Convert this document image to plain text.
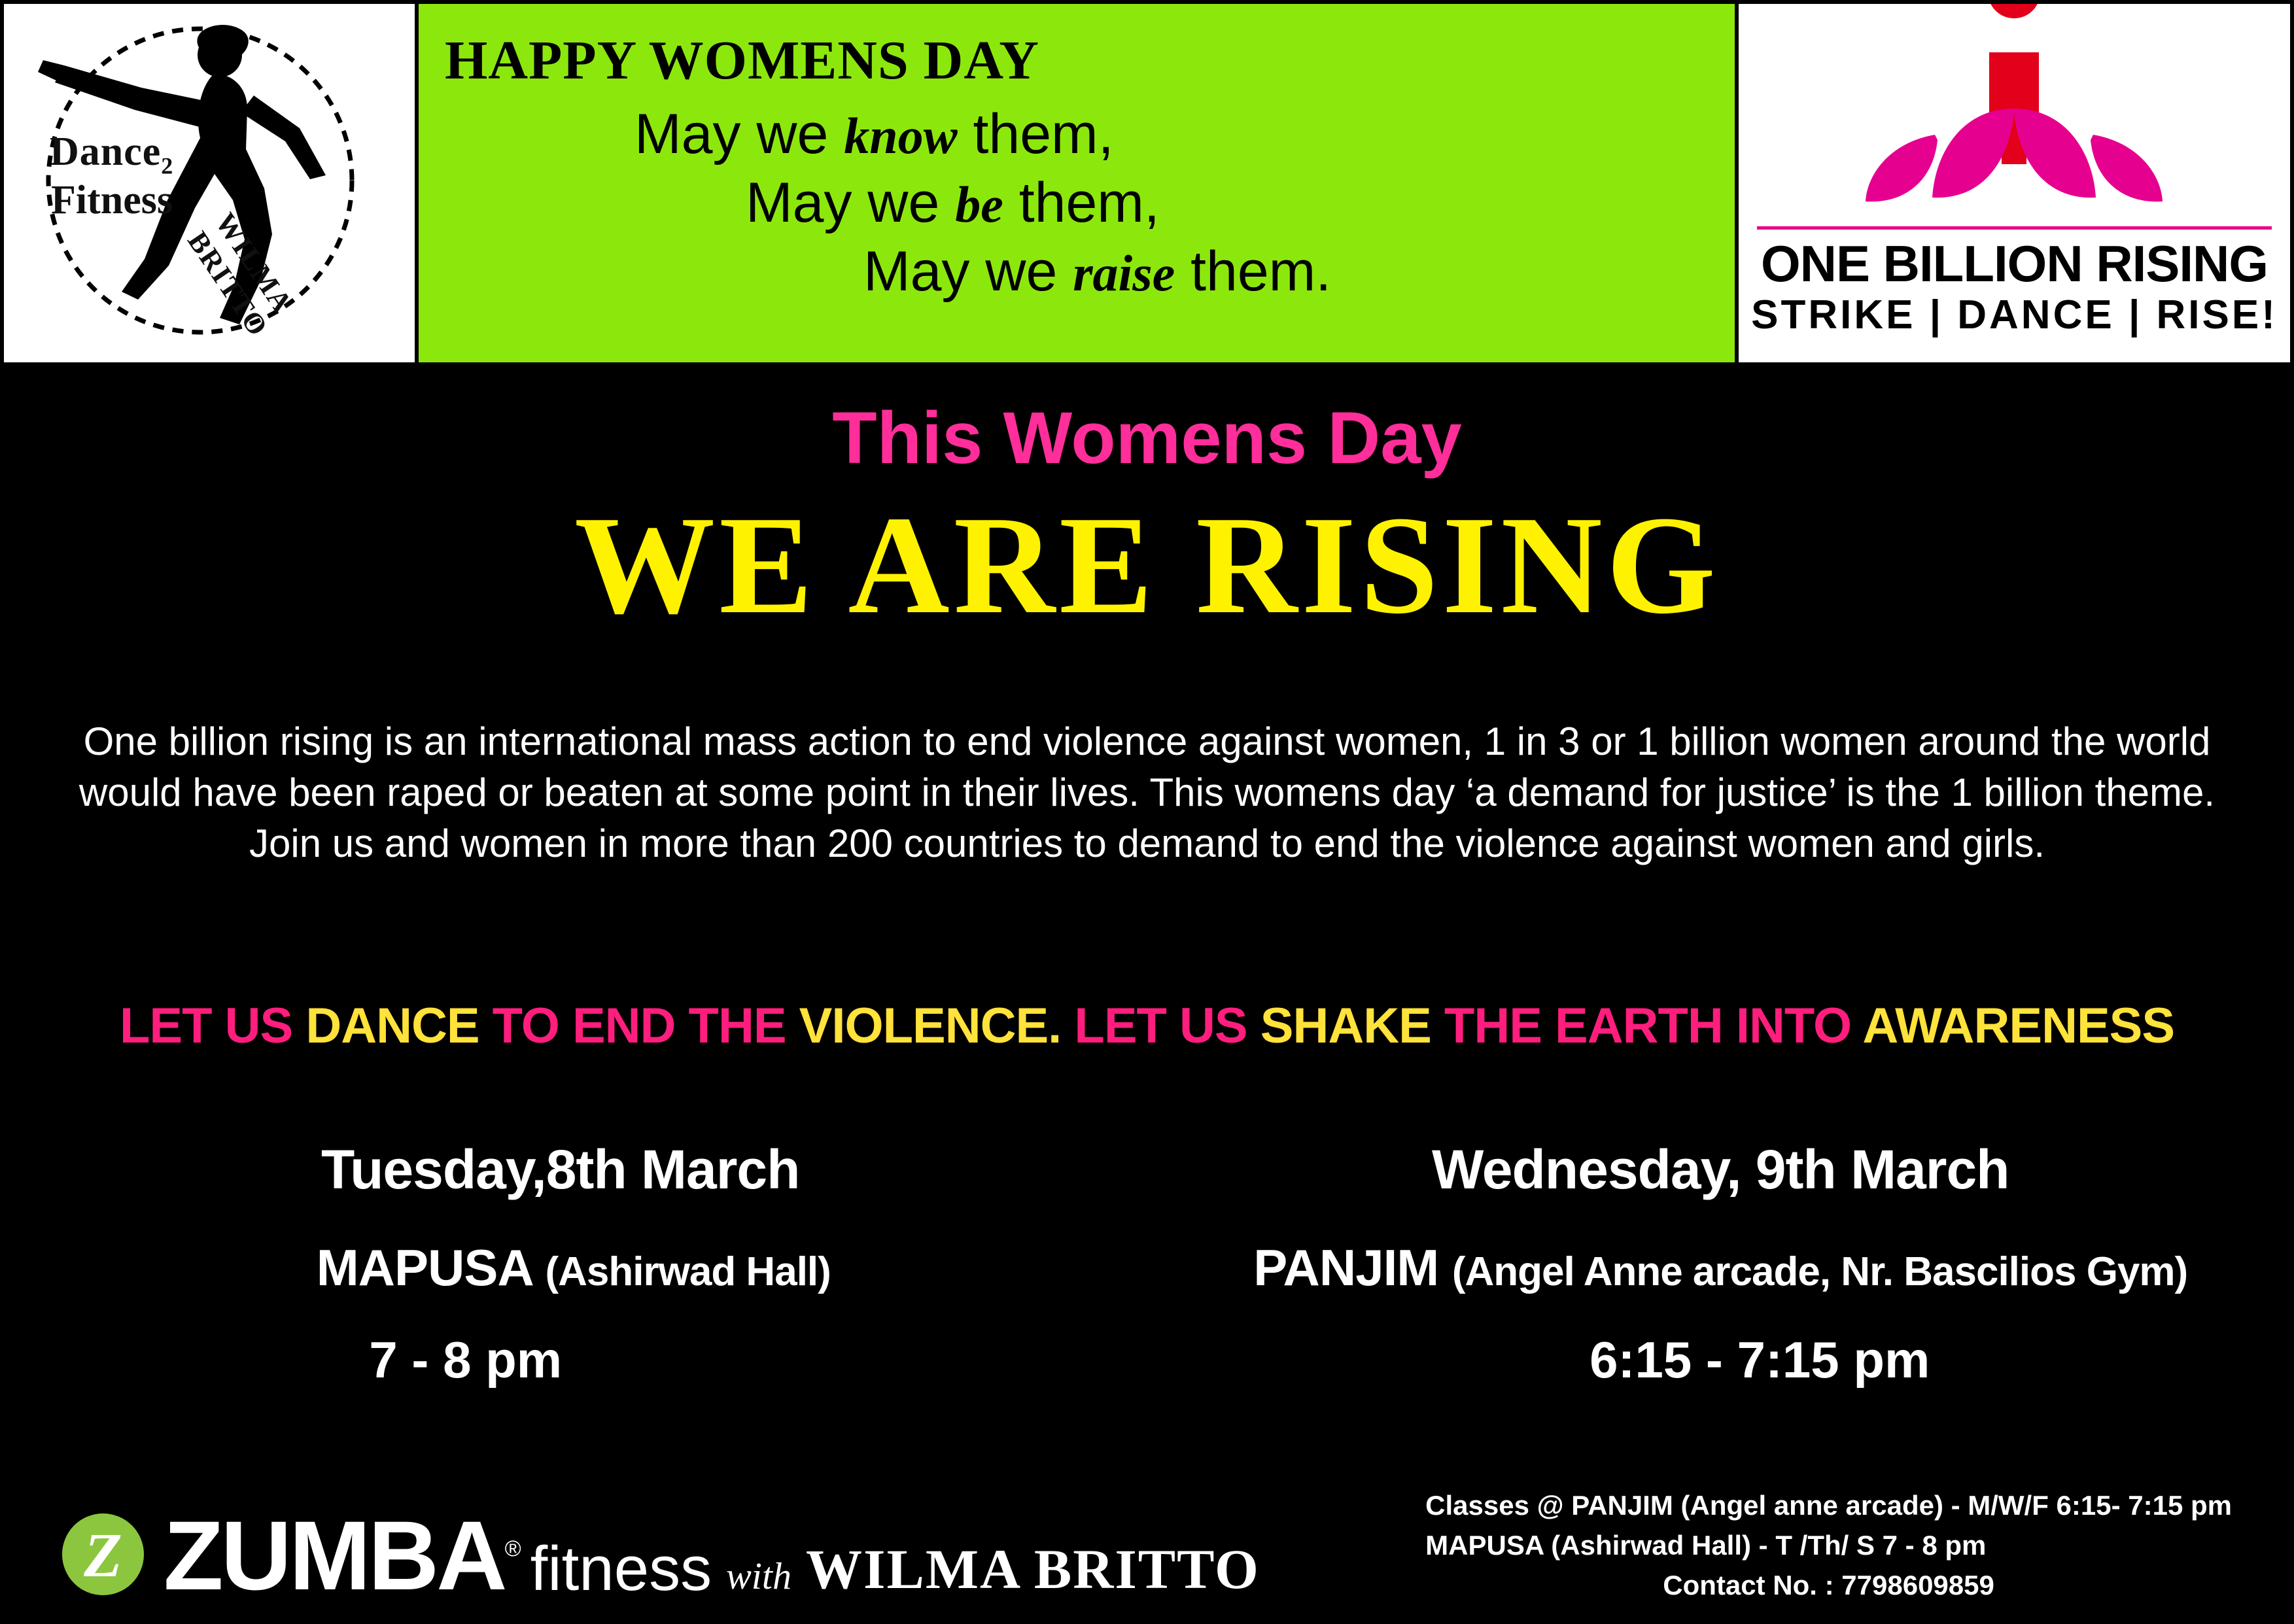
Dance$_2$
Fitness
WILMA BRITTO
HAPPY WOMENS DAY
May we know them,
May we be them,
May we raise them.	ONE BILLION RISING
STRIKE | DANCE | RISE!
This Womens Day
WE ARE RISING
One billion rising is an international mass action to end violence against women, 1 in 3 or 1 billion women around the world would have been raped or beaten at some point in their lives. This womens day ‘a demand for justice’ is the 1 billion theme. Join us and women in more than 200 countries to demand to end the violence against women and girls.
LET US DANCE TO END THE VIOLENCE. LET US SHAKE THE EARTH INTO AWARENESS
Tuesday,8th March
MAPUSA (Ashirwad Hall)
7 - 8 pm
Wednesday, 9th March
PANJIM (Angel Anne arcade, Nr. Bascilios Gym)
6:15 - 7:15 pm
Z ZUMBA® fitness with WILMA BRITTO
Classes @ PANJIM (Angel anne arcade) - M/W/F 6:15- 7:15 pm
MAPUSA (Ashirwad Hall) - T /Th/ S 7 - 8 pm
Contact No. : 7798609859
